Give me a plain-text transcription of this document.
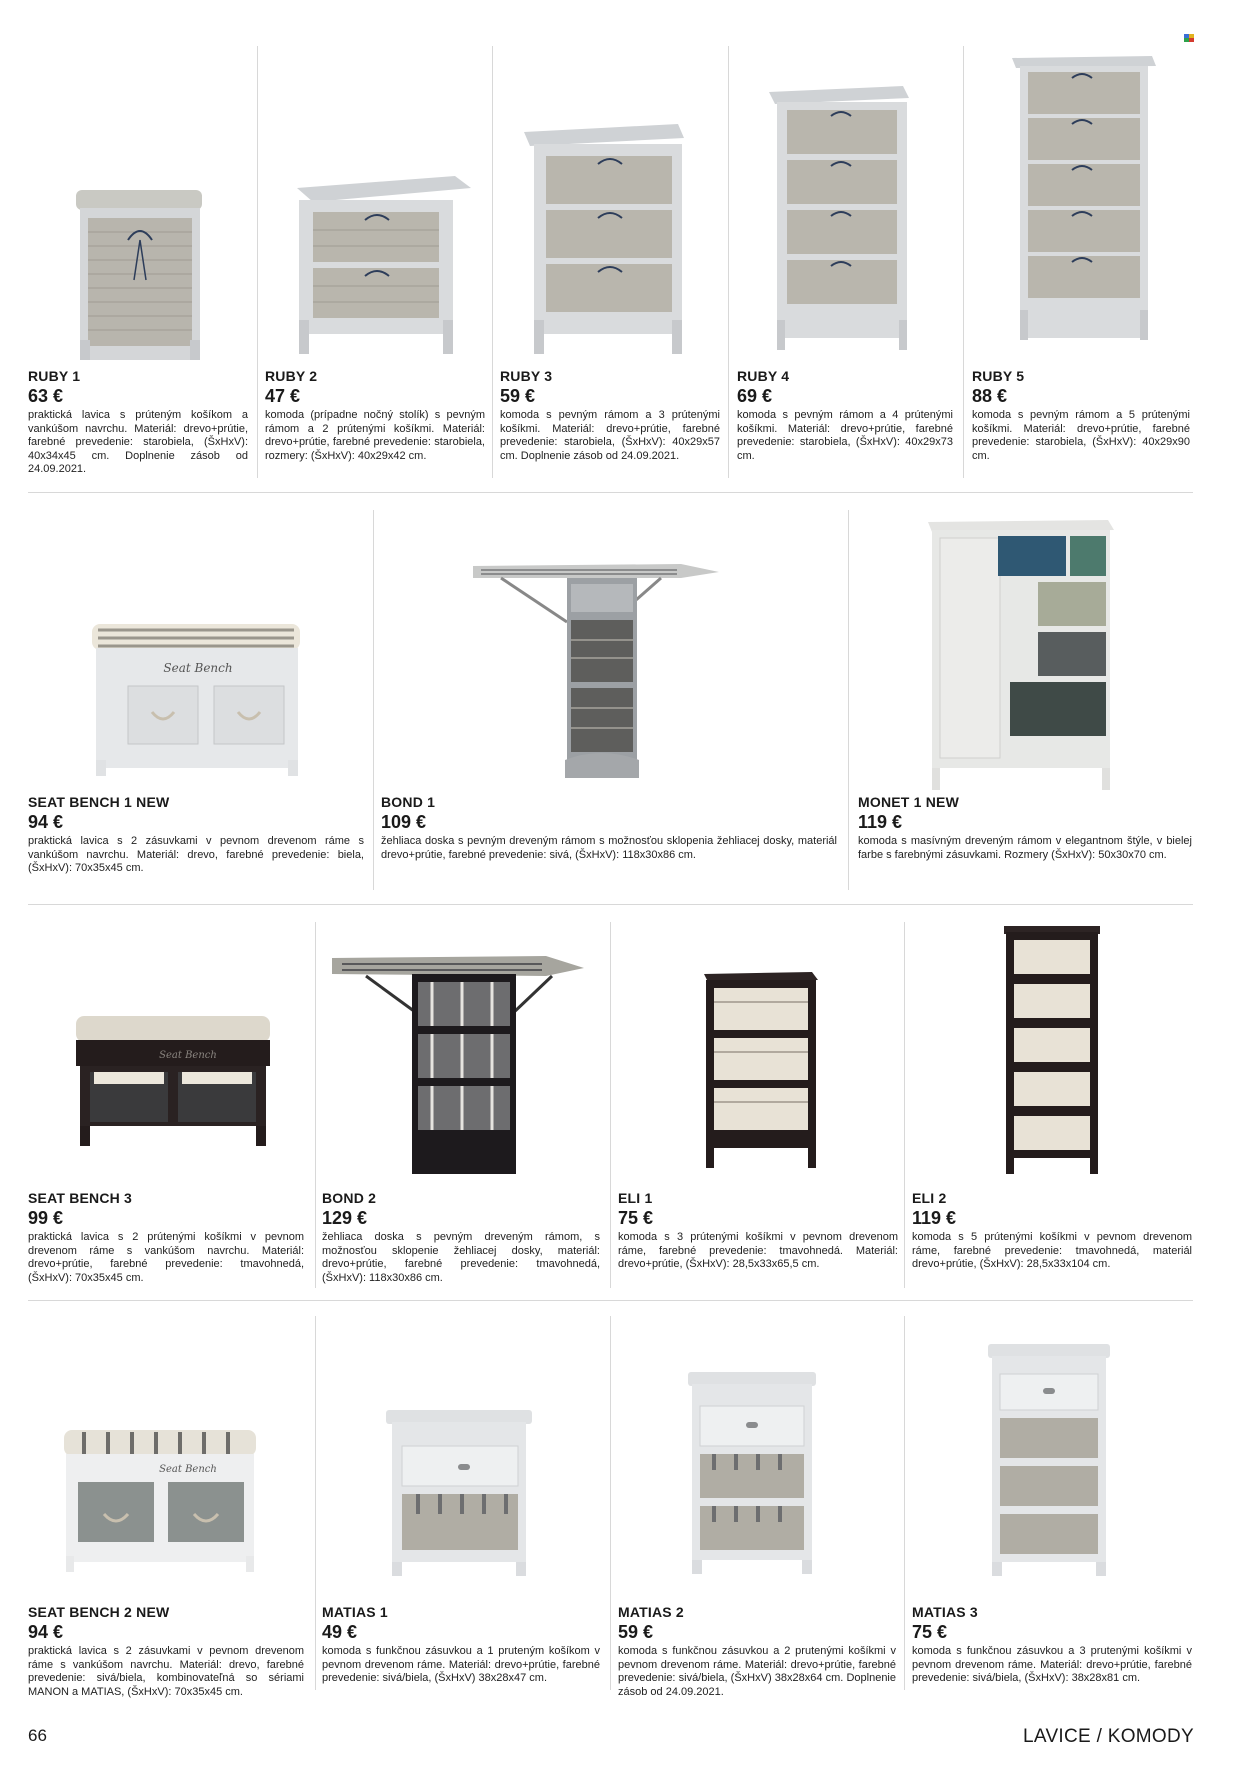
RUBY 1
63 €
praktická lavica s prúteným košíkom a vankúšom navrchu. Materiál: drevo+prútie, farebné prevedenie: starobiela, (ŠxHxV): 40x34x45 cm. Doplnenie zásob od 24.09.2021.
RUBY 2
47 €
komoda (prípadne nočný stolík) s pevným rámom a 2 prútenými košíkmi. Materiál: drevo+prútie, farebné prevedenie: starobiela, rozmery: (ŠxHxV): 40x29x42 cm.
RUBY 3
59 €
komoda s pevným rámom a 3 prútenými košíkmi. Materiál: drevo+prútie, farebné prevedenie: starobiela, (ŠxHxV): 40x29x57 cm. Doplnenie zásob od 24.09.2021.
RUBY 4
69 €
komoda s pevným rámom a 4 prútenými košíkmi. Materiál: drevo+prútie, farebné prevedenie: starobiela, (ŠxHxV): 40x29x73 cm.
RUBY 5
88 €
komoda s pevným rámom a 5 prútenými košíkmi. Materiál: drevo+prútie, farebné prevedenie: starobiela, (ŠxHxV): 40x29x90 cm.
Seat Bench
SEAT BENCH 1 NEW
94 €
praktická lavica s 2 zásuvkami v pevnom drevenom ráme s vankúšom navrchu. Materiál: drevo, farebné prevedenie: biela, (ŠxHxV): 70x35x45 cm.
BOND 1
109 €
žehliaca doska s pevným dreveným rámom s možnosťou sklopenia žehliacej dosky, materiál drevo+prútie, farebné prevedenie: sivá, (ŠxHxV): 118x30x86 cm.
MONET 1 NEW
119 €
komoda s masívným dreveným rámom v elegantnom štýle, v bielej farbe s farebnými zásuvkami. Rozmery (ŠxHxV): 50x30x70 cm.
Seat Bench
SEAT BENCH 3
99 €
praktická lavica s 2 prútenými košíkmi v pevnom drevenom ráme s vankúšom navrchu. Materiál: drevo+prútie, farebné prevedenie: tmavohnedá, (ŠxHxV): 70x35x45 cm.
BOND 2
129 €
žehliaca doska s pevným dreveným rámom, s možnosťou sklopenie žehliacej dosky, materiál: drevo+prútie, farebné prevedenie: tmavohnedá, (ŠxHxV): 118x30x86 cm.
ELI 1
75 €
komoda s 3 prútenými košíkmi v pevnom drevenom ráme, farebné prevedenie: tmavohnedá. Materiál: drevo+prútie, (ŠxHxV): 28,5x33x65,5 cm.
ELI 2
119 €
komoda s 5 prútenými košíkmi v pevnom drevenom ráme, farebné prevedenie: tmavohnedá, materiál drevo+prútie, (ŠxHxV): 28,5x33x104 cm.
Seat Bench
SEAT BENCH 2 NEW
94 €
praktická lavica s 2 zásuvkami v pevnom drevenom ráme s vankúšom navrchu. Materiál: drevo, farebné prevedenie: sivá/biela, kombinovateľná so sériami MANON a MATIAS, (ŠxHxV): 70x35x45 cm.
MATIAS 1
49 €
komoda s funkčnou zásuvkou a 1 pruteným košíkom v pevnom drevenom ráme. Materiál: drevo+prútie, farebné prevedenie: sivá/biela, (ŠxHxV) 38x28x47 cm.
MATIAS 2
59 €
komoda s funkčnou zásuvkou a 2 prutenými košíkmi v pevnom drevenom ráme. Materiál: drevo+prútie, farebné prevedenie: sivá/biela, (ŠxHxV) 38x28x64 cm. Doplnenie zásob od 24.09.2021.
MATIAS 3
75 €
komoda s funkčnou zásuvkou a 3 prutenými košíkmi v pevnom drevenom ráme. Materiál: drevo+prútie, farebné prevedenie: sivá/biela, (ŠxHxV): 38x28x81 cm.
66	LAVICE / KOMODY
